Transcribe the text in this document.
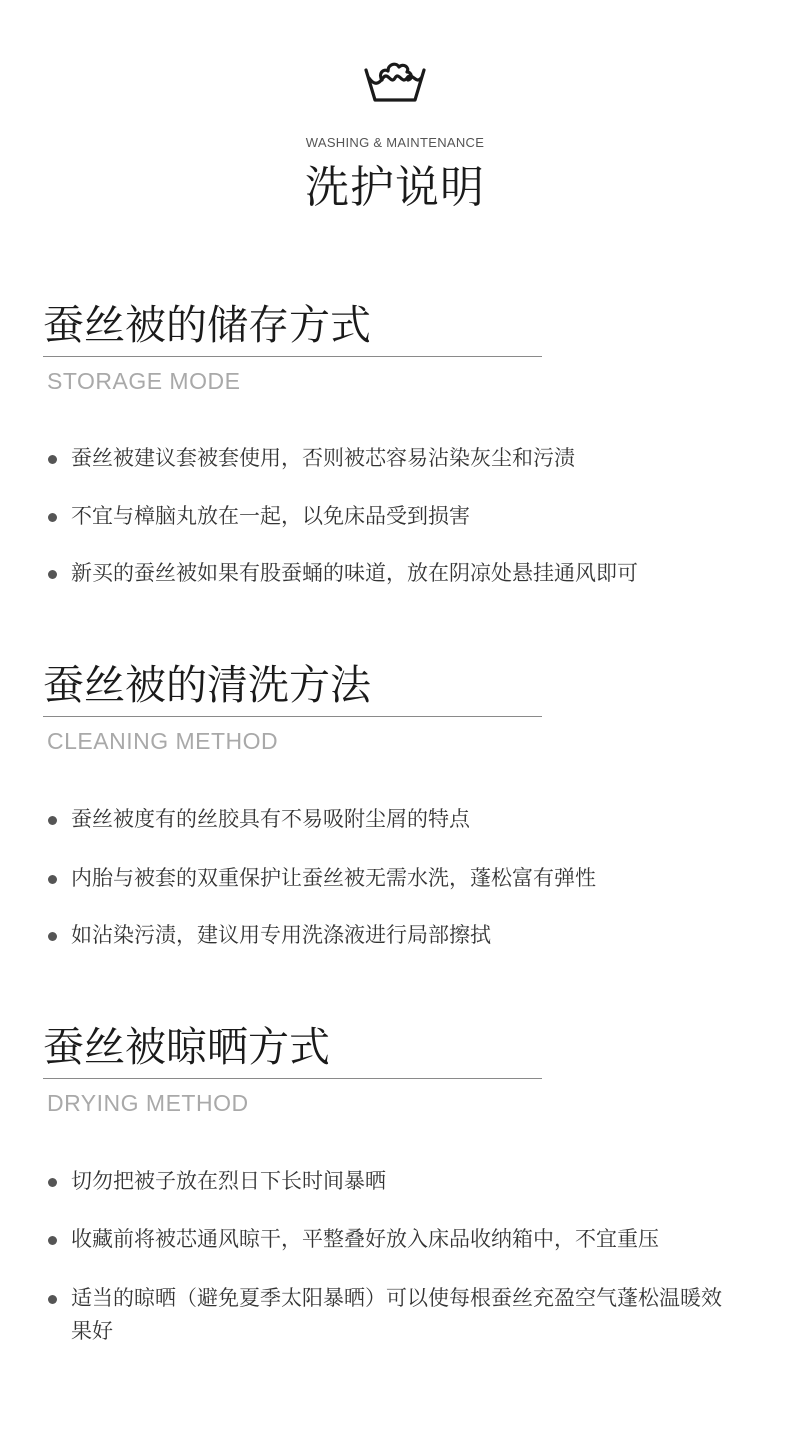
WASHING & MAINTENANCE
洗护说明
蚕丝被的储存方式
STORAGE MODE
蚕丝被建议套被套使用，否则被芯容易沾染灰尘和污渍
不宜与樟脑丸放在一起，以免床品受到损害
新买的蚕丝被如果有股蚕蛹的味道，放在阴凉处悬挂通风即可
蚕丝被的清洗方法
CLEANING METHOD
蚕丝被度有的丝胶具有不易吸附尘屑的特点
内胎与被套的双重保护让蚕丝被无需水洗，蓬松富有弹性
如沾染污渍，建议用专用洗涤液进行局部擦拭
蚕丝被晾晒方式
DRYING METHOD
切勿把被子放在烈日下长时间暴晒
收藏前将被芯通风晾干，平整叠好放入床品收纳箱中，不宜重压
适当的晾晒（避免夏季太阳暴晒）可以使每根蚕丝充盈空气蓬松温暖效果好
